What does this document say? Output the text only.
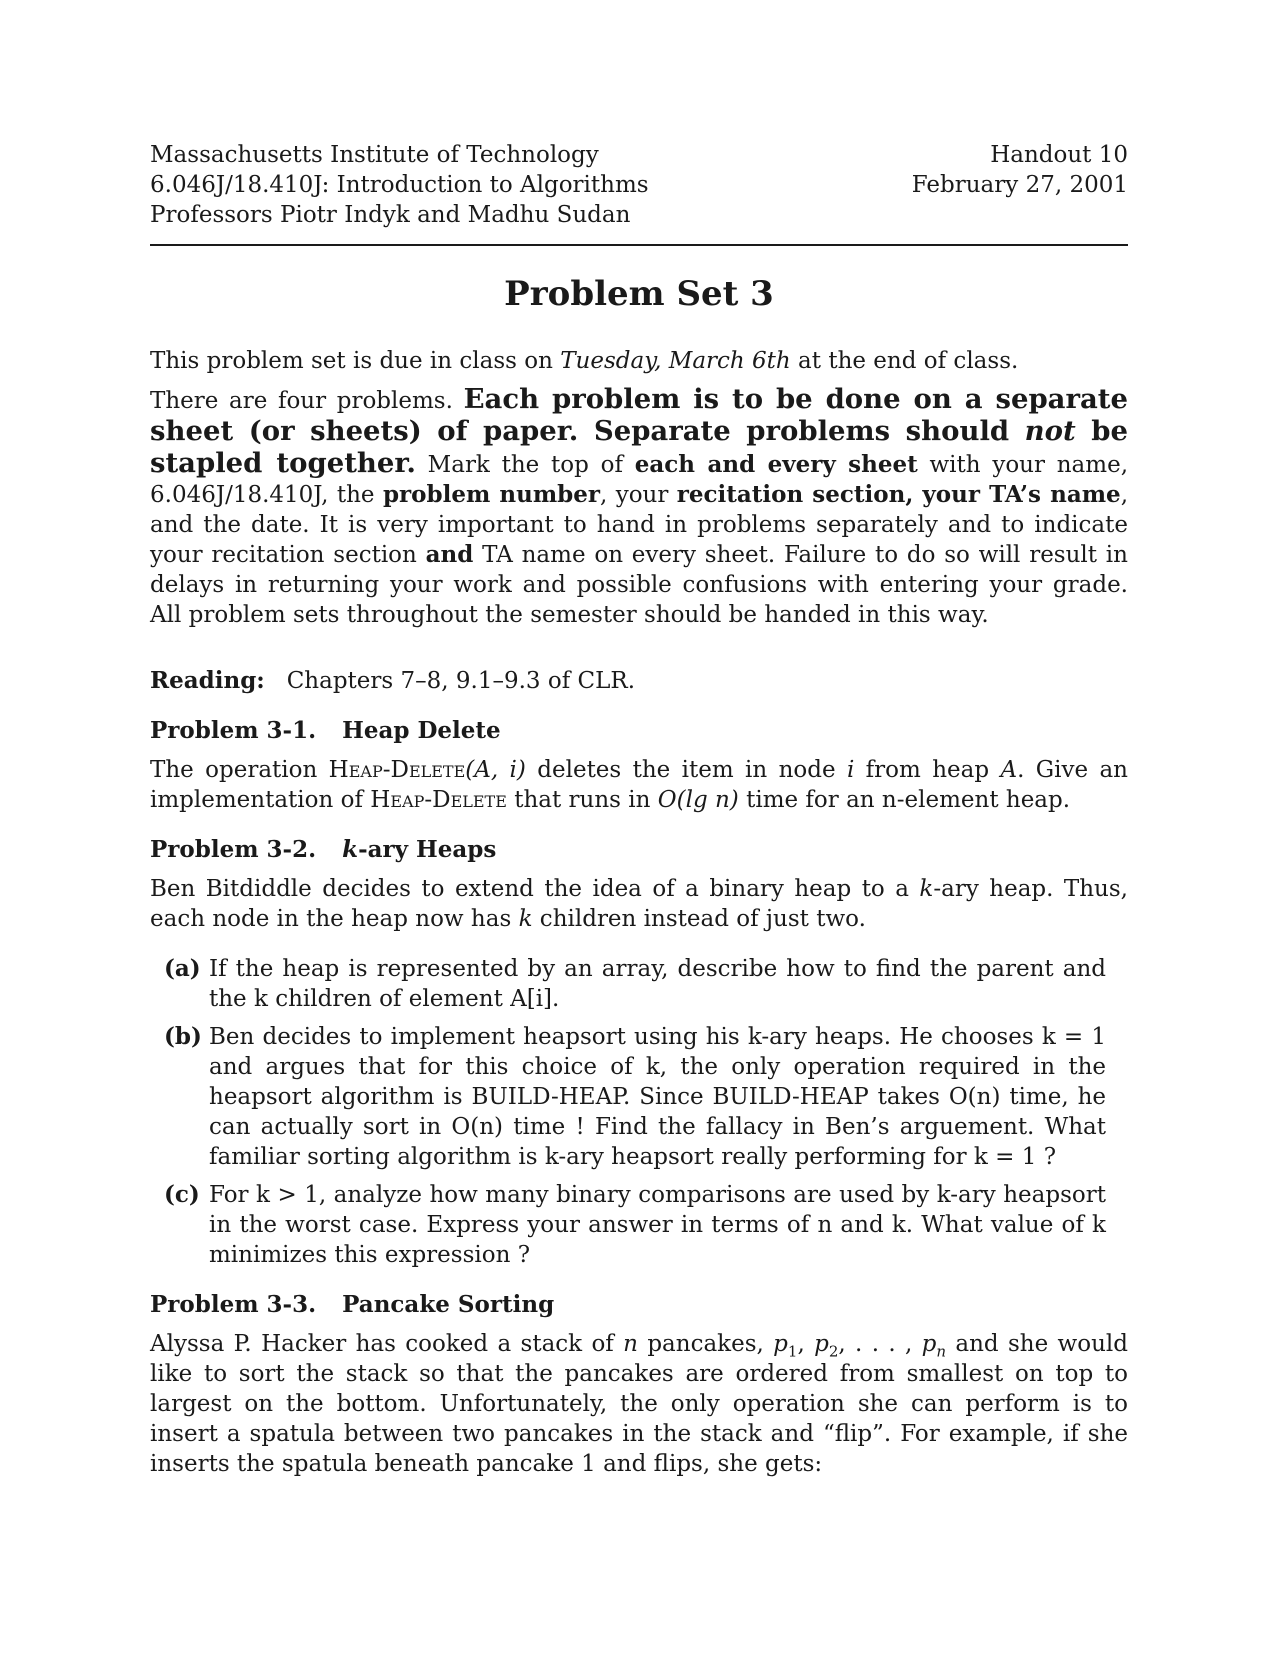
Massachusetts Institute of Technology
6.046J/18.410J: Introduction to Algorithms
Professors Piotr Indyk and Madhu Sudan
Handout 10
February 27, 2001
Problem Set 3

This problem set is due in class on Tuesday, March 6th at the end of class.

There are four problems. Each problem is to be done on a separate sheet (or sheets) of paper. Separate problems should not be stapled together. Mark the top of each and every sheet with your name, 6.046J/18.410J, the problem number, your recitation section, your TA’s name, and the date. It is very important to hand in problems separately and to indicate your recitation section and TA name on every sheet. Failure to do so will result in delays in returning your work and possible confusions with entering your grade. All problem sets throughout the semester should be handed in this way.

Reading: Chapters 7–8, 9.1–9.3 of CLR.

Problem 3-1. Heap Delete

The operation Heap-Delete(A, i) deletes the item in node i from heap A. Give an implementation of Heap-Delete that runs in O(lg n) time for an n-element heap.

Problem 3-2. k-ary Heaps

Ben Bitdiddle decides to extend the idea of a binary heap to a k-ary heap. Thus, each node in the heap now has k children instead of just two.

(a) If the heap is represented by an array, describe how to find the parent and the k children of element A[i].
(b) Ben decides to implement heapsort using his k-ary heaps. He chooses k = 1 and argues that for this choice of k, the only operation required in the heapsort algorithm is BUILD-HEAP. Since BUILD-HEAP takes O(n) time, he can actually sort in O(n) time ! Find the fallacy in Ben’s arguement. What familiar sorting algorithm is k-ary heapsort really performing for k = 1 ?
(c) For k > 1, analyze how many binary comparisons are used by k-ary heapsort in the worst case. Express your answer in terms of n and k. What value of k minimizes this expression ?
Problem 3-3. Pancake Sorting

Alyssa P. Hacker has cooked a stack of n pancakes, $p_1$, $p_2$, . . . , $p_n$ and she would like to sort the stack so that the pancakes are ordered from smallest on top to largest on the bottom. Unfortunately, the only operation she can perform is to insert a spatula between two pancakes in the stack and “flip”. For example, if she inserts the spatula beneath pancake 1 and flips, she gets:
